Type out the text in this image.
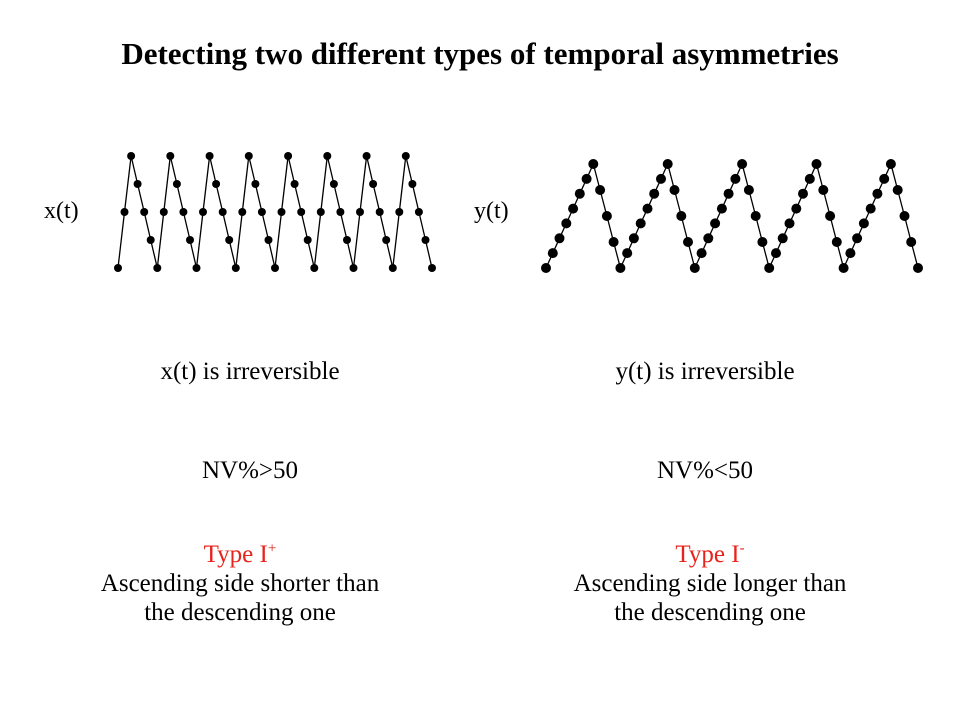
Detecting two different types of temporal asymmetries
x(t)	y(t)
x(t) is irreversible	y(t) is irreversible
NV%>50	NV%<50
Type I+
Ascending side shorter than
the descending one
Type I-
Ascending side longer than
the descending one
